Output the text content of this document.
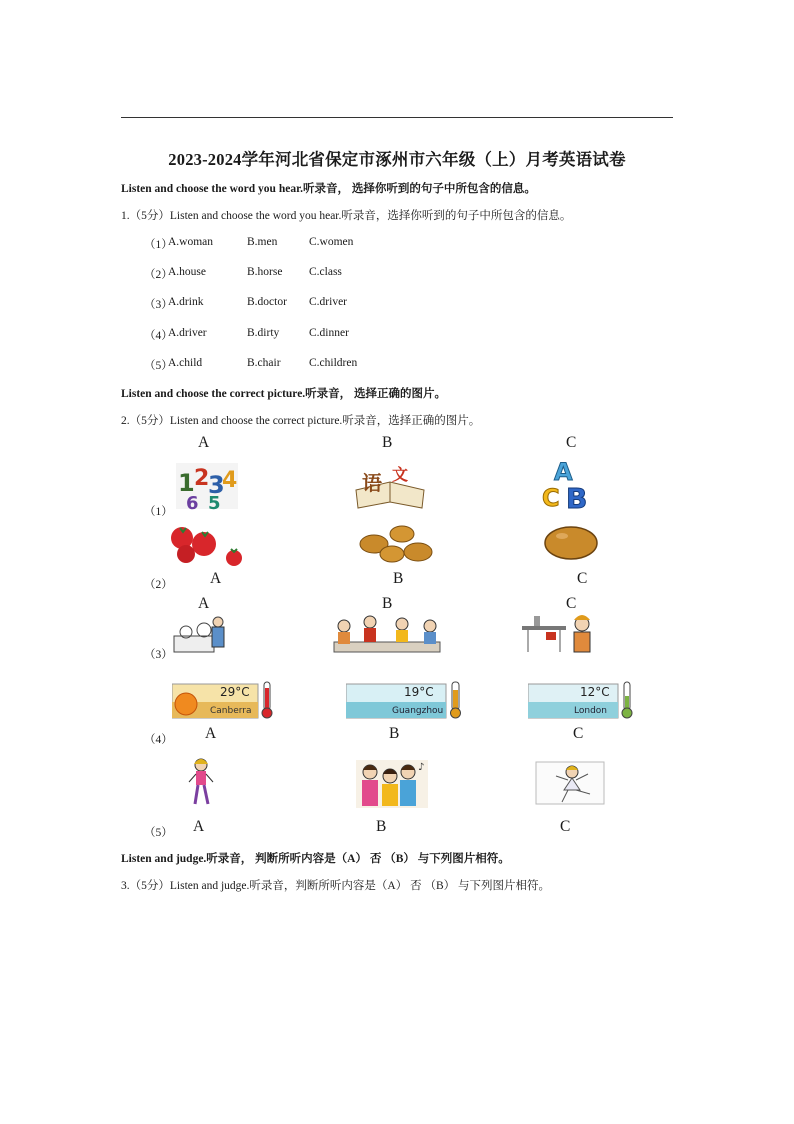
2023-2024学年河北省保定市涿州市六年级（上）月考英语试卷
Listen and choose the word you hear.听录音， 选择你听到的句子中所包含的信息。
1.（5分）Listen and choose the word you hear.听录音，选择你听到的句子中所包含的信息。
（1）
A.woman	B.men	C.women
（2）
A.house	B.horse C.class
（3）
A.drink	B.doctor C.driver
（4）
A.driver	B.dirty	C.dinner
（5）
A.child	B.chair C.children
Listen and choose the correct picture.听录音， 选择正确的图片。
2.（5分）Listen and choose the correct picture.听录音，选择正确的图片。
A	B	C
（1）
1 2
3
4
6 5
语 文	A
C B
（2） A	B	C
A	B	C
（3）
29°C
Canberra
19°C
Guangzhou
12°C
London
A	B	C
（4）
♪
（5） A	B	C
Listen and judge.听录音， 判断所听内容是（A） 否 （B） 与下列图片相符。
3.（5分）Listen and judge.听录音，判断所听内容是（A） 否 （B） 与下列图片相符。
